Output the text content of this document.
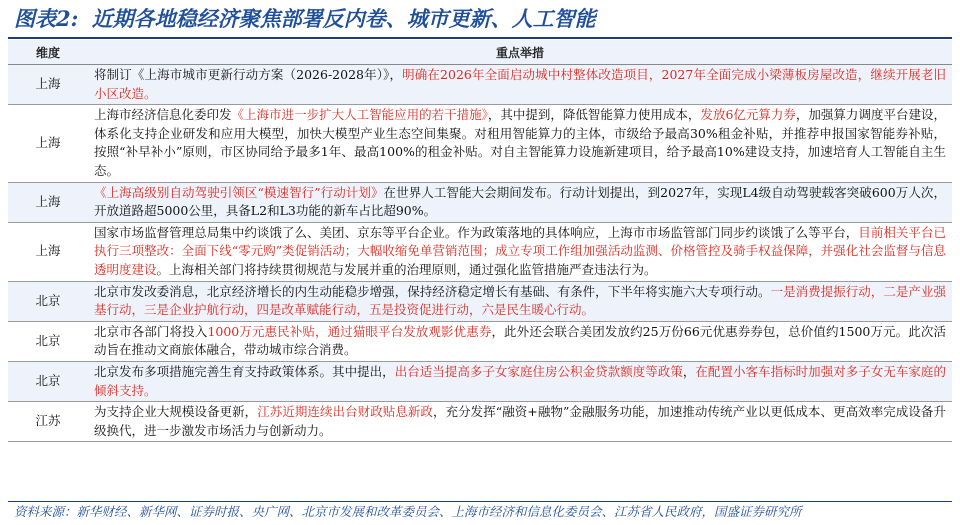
图表2: 近期各地稳经济聚焦部署反内卷、城市更新、人工智能
维度	重点举措
上海	将制订《上海市城市更新行动方案（2026-2028年）》，明确在2026年全面启动城中村整体改造项目，2027年全面完成小梁薄板房屋改造，继续开展老旧小区改造。
上海	上海市经济信息化委印发《上海市进一步扩大人工智能应用的若干措施》，其中提到，降低智能算力使用成本，发放6亿元算力券，加强算力调度平台建设，体系化支持企业研发和应用大模型，加快大模型产业生态空间集聚。对租用智能算力的主体，市级给予最高30%租金补贴，并推荐申报国家智能券补贴，按照“补早补小”原则，市区协同给予最多1年、最高100%的租金补贴。对自主智能算力设施新建项目，给予最高10%建设支持，加速培育人工智能自主生态。
上海	《上海高级别自动驾驶引领区“模速智行”行动计划》在世界人工智能大会期间发布。行动计划提出，到2027年，实现L4级自动驾驶载客突破600万人次，开放道路超5000公里，具备L2和L3功能的新车占比超90%。
上海	国家市场监督管理总局集中约谈饿了么、美团、京东等平台企业。作为政策落地的具体响应，上海市市场监管部门同步约谈饿了么等平台，目前相关平台已执行三项整改：全面下线“零元购”类促销活动；大幅收缩免单营销范围；成立专项工作组加强活动监测、价格管控及骑手权益保障，并强化社会监督与信息透明度建设。上海相关部门将持续贯彻规范与发展并重的治理原则，通过强化监管措施严查违法行为。
北京	北京市发改委消息，北京经济增长的内生动能稳步增强，保持经济稳定增长有基础、有条件，下半年将实施六大专项行动。一是消费提振行动，二是产业强基行动，三是企业护航行动，四是改革赋能行动，五是投资促进行动，六是民生暖心行动。
北京	北京市各部门将投入1000万元惠民补贴，通过猫眼平台发放观影优惠券，此外还会联合美团发放约25万份66元优惠券券包，总价值约1500万元。此次活动旨在推动文商旅体融合，带动城市综合消费。
北京	北京发布多项措施完善生育支持政策体系。其中提出，出台适当提高多子女家庭住房公积金贷款额度等政策，在配置小客车指标时加强对多子女无车家庭的倾斜支持。
江苏	为支持企业大规模设备更新，江苏近期连续出台财政贴息新政，充分发挥“融资+融物”金融服务功能，加速推动传统产业以更低成本、更高效率完成设备升级换代，进一步激发市场活力与创新动力。
资料来源：新华财经、新华网、证券时报、央广网、北京市发展和改革委员会、上海市经济和信息化委员会、江苏省人民政府，国盛证券研究所
